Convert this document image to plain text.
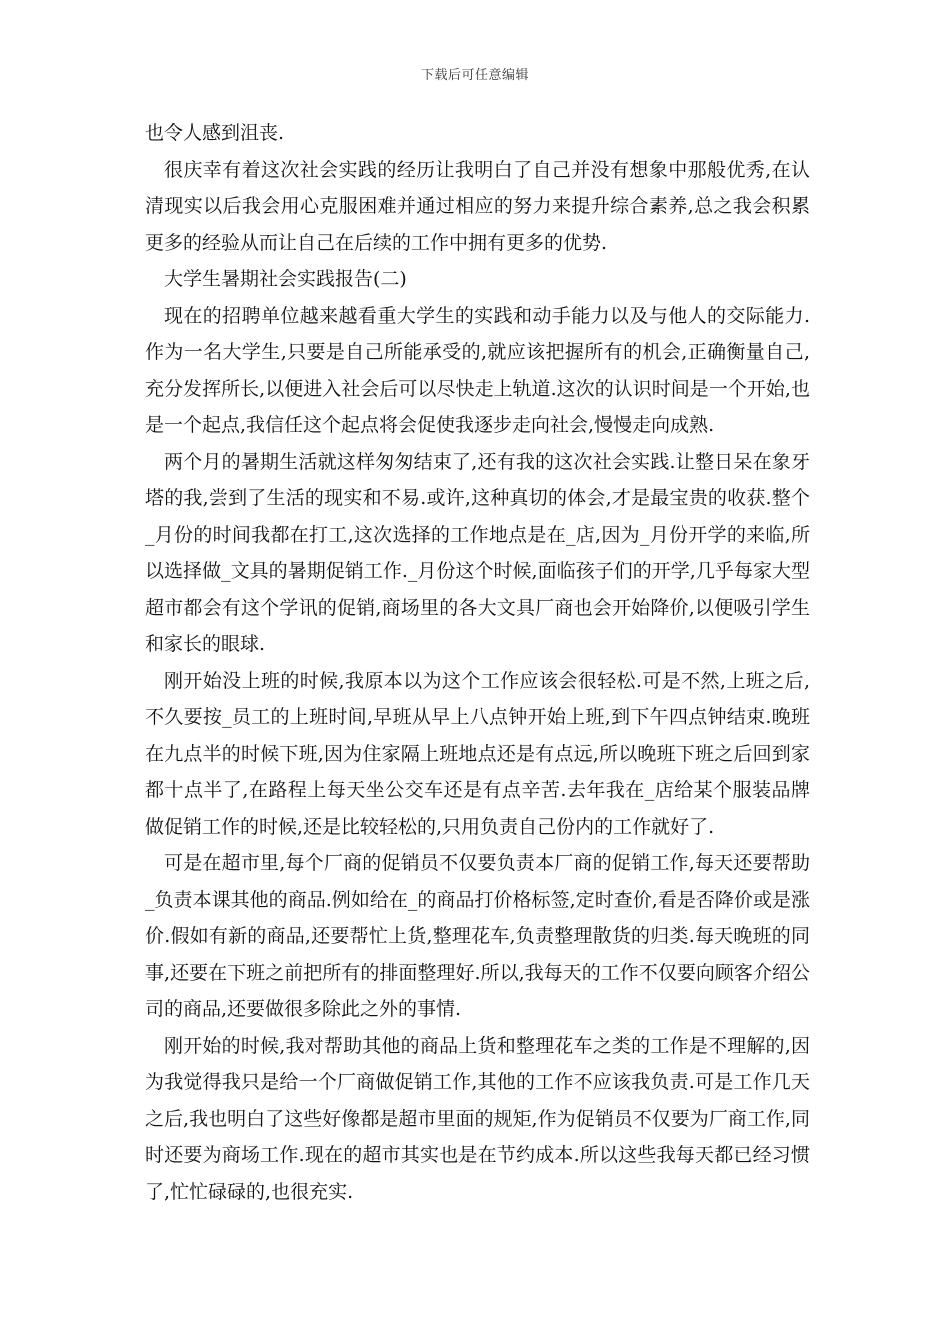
下载后可任意编辑

也令人感到沮丧.

很庆幸有着这次社会实践的经历让我明白了自己并没有想象中那般优秀,在认清现实以后我会用心克服困难并通过相应的努力来提升综合素养,总之我会积累更多的经验从而让自己在后续的工作中拥有更多的优势.

大学生暑期社会实践报告(二)

现在的招聘单位越来越看重大学生的实践和动手能力以及与他人的交际能力.作为一名大学生,只要是自己所能承受的,就应该把握所有的机会,正确衡量自己,充分发挥所长,以便进入社会后可以尽快走上轨道.这次的认识时间是一个开始,也是一个起点,我信任这个起点将会促使我逐步走向社会,慢慢走向成熟.

两个月的暑期生活就这样匆匆结束了,还有我的这次社会实践.让整日呆在象牙塔的我,尝到了生活的现实和不易.或许,这种真切的体会,才是最宝贵的收获.整个_月份的时间我都在打工,这次选择的工作地点是在_店,因为_月份开学的来临,所以选择做_文具的暑期促销工作._月份这个时候,面临孩子们的开学,几乎每家大型超市都会有这个学讯的促销,商场里的各大文具厂商也会开始降价,以便吸引学生和家长的眼球.

刚开始没上班的时候,我原本以为这个工作应该会很轻松.可是不然,上班之后,不久要按_员工的上班时间,早班从早上八点钟开始上班,到下午四点钟结束.晚班在九点半的时候下班,因为住家隔上班地点还是有点远,所以晚班下班之后回到家都十点半了,在路程上每天坐公交车还是有点辛苦.去年我在_店给某个服装品牌做促销工作的时候,还是比较轻松的,只用负责自己份内的工作就好了.

可是在超市里,每个厂商的促销员不仅要负责本厂商的促销工作,每天还要帮助_负责本课其他的商品.例如给在_的商品打价格标签,定时查价,看是否降价或是涨价.假如有新的商品,还要帮忙上货,整理花车,负责整理散货的归类.每天晚班的同事,还要在下班之前把所有的排面整理好.所以,我每天的工作不仅要向顾客介绍公司的商品,还要做很多除此之外的事情.

刚开始的时候,我对帮助其他的商品上货和整理花车之类的工作是不理解的,因为我觉得我只是给一个厂商做促销工作,其他的工作不应该我负责.可是工作几天之后,我也明白了这些好像都是超市里面的规矩,作为促销员不仅要为厂商工作,同时还要为商场工作.现在的超市其实也是在节约成本.所以这些我每天都已经习惯了,忙忙碌碌的,也很充实.
